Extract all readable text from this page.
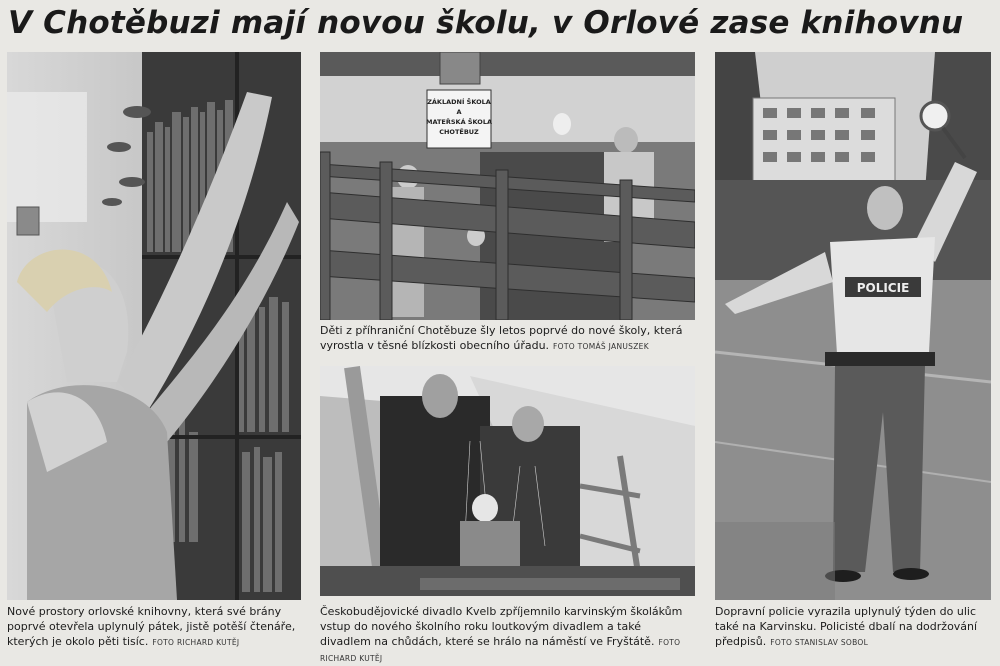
V Chotěbuzi mají novou školu, v Orlové zase knihovnu
ZÁKLADNÍ ŠKOLA
A
MATEŘSKÁ ŠKOLA
CHOTĚBUZ
POLICIE
Nové prostory orlovské knihovny, která své brány poprvé otevřela uplynulý pátek, jistě potěší čtenáře, kterých je okolo pěti tisíc. FOTO RICHARD KUTĚJ
Děti z příhraniční Chotěbuze šly letos poprvé do nové školy, která vyrostla v těsné blízkosti obecního úřadu. FOTO TOMÁŠ JANUSZEK
Českobudějovické divadlo Kvelb zpříjemnilo karvinským školákům vstup do nového školního roku loutkovým divadlem a také divadlem na chůdách, které se hrálo na náměstí ve Fryštátě. FOTO RICHARD KUTĚJ
Dopravní policie vyrazila uplynulý týden do ulic také na Karvinsku. Policisté dbalí na dodržování předpisů. FOTO STANISLAV SOBOL
